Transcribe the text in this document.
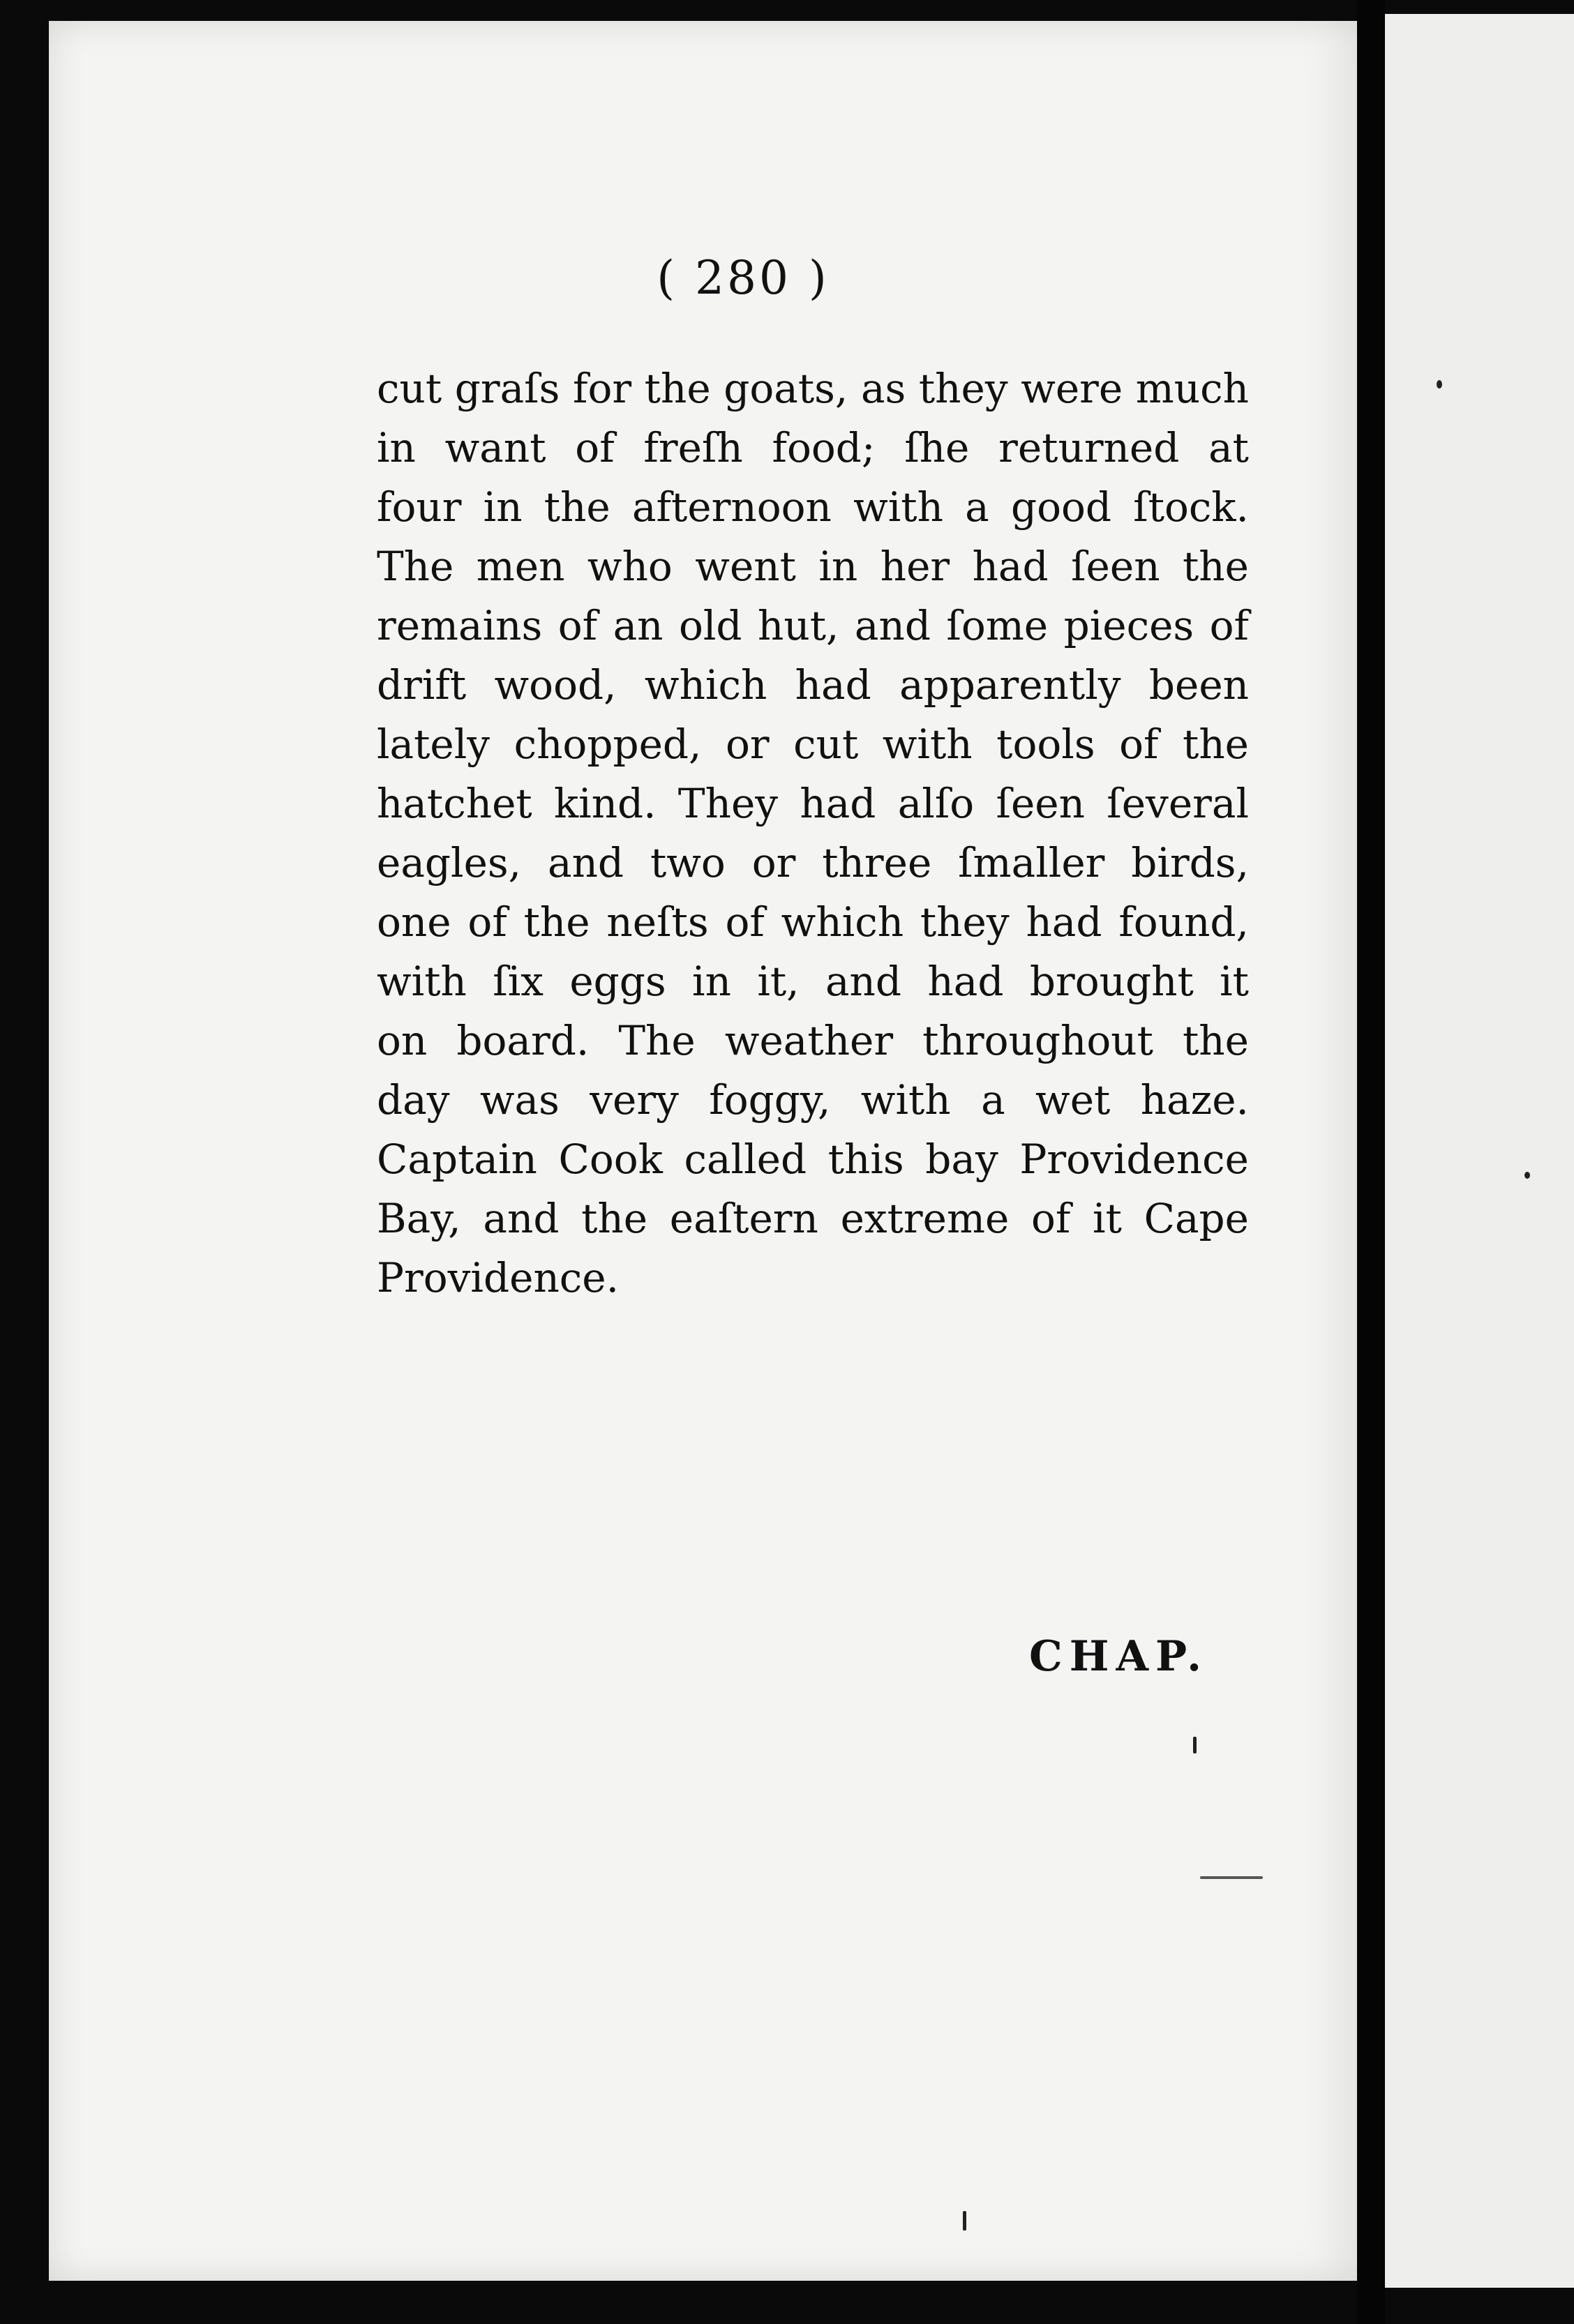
( 280 )
cut graſs for the goats, as they were much
in want of freſh food; ſhe returned at
four in the afternoon with a good ſtock.
The men who went in her had ſeen the
remains of an old hut, and ſome pieces of
drift wood, which had apparently been
lately chopped, or cut with tools of the
hatchet kind. They had alſo ſeen ſeveral
eagles, and two or three ſmaller birds,
one of the neſts of which they had found,
with ſix eggs in it, and had brought it
on board. The weather throughout the
day was very foggy, with a wet haze.
Captain Cook called this bay Providence
Bay, and the eaſtern extreme of it Cape
Providence.
CHAP.
